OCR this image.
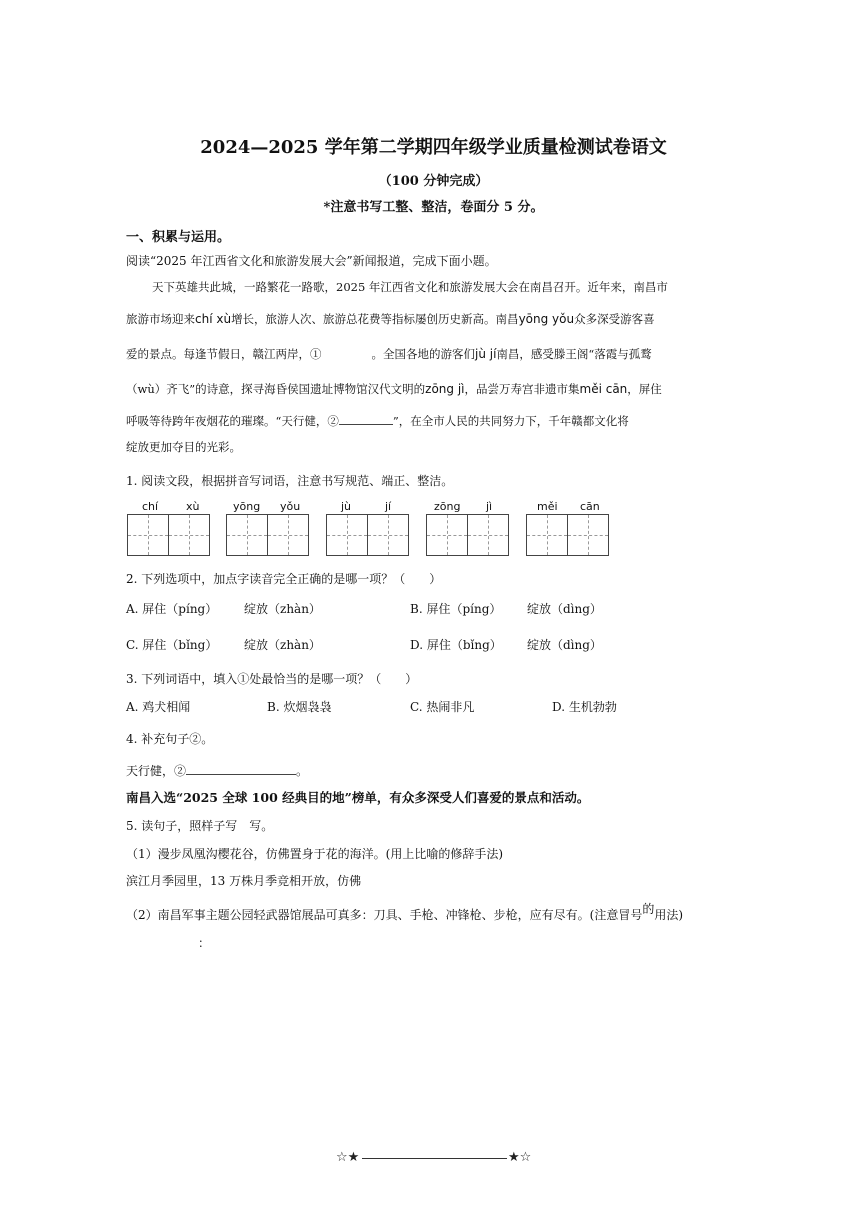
2024—2025 学年第二学期四年级学业质量检测试卷语文
（100 分钟完成）
*注意书写工整、整洁，卷面分 5 分。
一、积累与运用。
阅读“2025 年江西省文化和旅游发展大会”新闻报道，完成下面小题。
天下英雄共此城，一路繁花一路歌，2025 年江西省文化和旅游发展大会在南昌召开。近年来，南昌市
旅游市场迎来chí xù增长，旅游人次、旅游总花费等指标屡创历史新高。南昌yōng yǒu众多深受游客喜
爱的景点。每逢节假日，赣江两岸，①	。全国各地的游客们jù jí南昌，感受滕王阁“落霞与孤鹜
（wù）齐飞”的诗意，探寻海昏侯国遗址博物馆汉代文明的zōng jì，品尝万寿宫非遗市集měi cān，屏住
呼吸等待跨年夜烟花的璀璨。“天行健，②	”，在全市人民的共同努力下，千年赣都文化将
绽放更加夺目的光彩。
1. 阅读文段，根据拼音写词语，注意书写规范、端正、整洁。
chí	xù	yōng yǒu	jù	jí	zōng jì	měi cān
2. 下列选项中，加点字读音完全正确的是哪一项？（　　）
A. 屏住（píng） 绽放（zhàn）	B. 屏住（píng） 绽放（dìng）
C. 屏住（bǐng） 绽放（zhàn）	D. 屏住（bǐng） 绽放（dìng）
3. 下列词语中，填入①处最恰当的是哪一项？（　　）
A. 鸡犬相闻	B. 炊烟袅袅	C. 热闹非凡	D. 生机勃勃
4. 补充句子②。
天行健，②	。
南昌入选“2025 全球 100 经典目的地”榜单，有众多深受人们喜爱的景点和活动。
5. 读句子，照样子写　写。
（1）漫步凤凰沟樱花谷，仿佛置身于花的海洋。(用上比喻的修辞手法)
滨江月季园里，13 万株月季竞相开放，仿佛
（2）南昌军事主题公园轻武器馆展品可真多：刀具、手枪、冲锋枪、步枪，应有尽有。(注意冒号的用法)
：
☆★	★☆
